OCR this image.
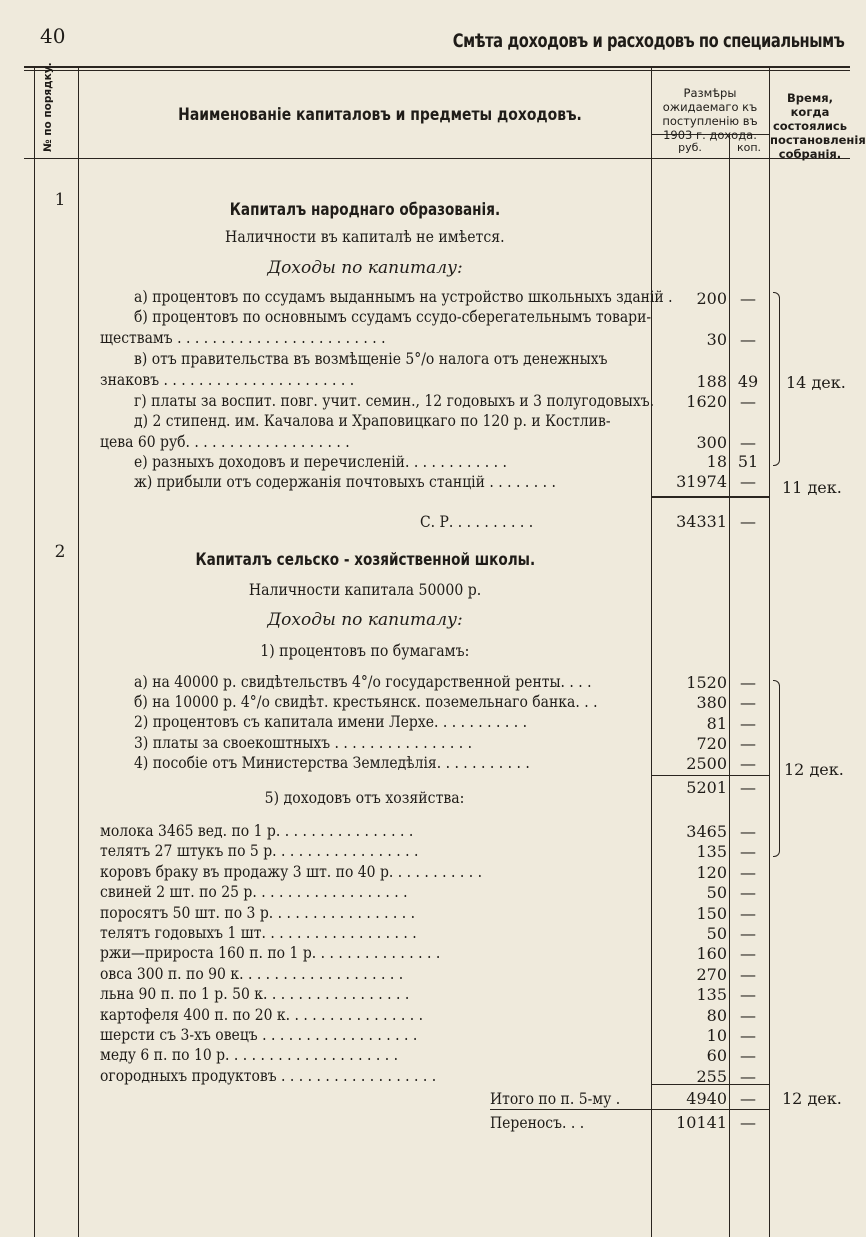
40	Смѣта доходовъ и расходовъ по специальнымъ
№ по порядку.	Наименованіе капиталовъ и предметы доходовъ.
Размѣры ожидаемаго къ поступленію въ 1903 г. дохода.
Время, когда состоялись постановленія собранія.
руб.	коп.
1	Капиталъ народнаго образованія.
Наличности въ капиталѣ не имѣется.
Доходы по капиталу:
а) процентовъ по ссудамъ выданнымъ на устройство школьныхъ зданій .	200 —
б) процентовъ по основнымъ ссудамъ ссудо-сберегательнымъ товари-
ществамъ . . . . . . . . . . . . . . . . . . . . . . . .	30 —
в) отъ правительства въ возмѣщеніе 5°/о налога отъ денежныхъ
знаковъ . . . . . . . . . . . . . . . . . . . . . .	188 49
г) платы за воспит. повг. учит. семин., 12 годовыхъ и 3 полугодовыхъ.	1620 —
д) 2 стипенд. им. Качалова и Храповицкаго по 120 р. и Костлив-
цева 60 руб. . . . . . . . . . . . . . . . . . .	300 —
е) разныхъ доходовъ и перечисленій. . . . . . . . . . . .	18 51
ж) прибыли отъ содержанія почтовыхъ станцій . . . . . . . .	31974 —
14 дек.
11 дек.
С. Р. . . . . . . . . .	34331 —
2	Капиталъ сельско - хозяйственной школы.
Наличности капитала 50000 р.
Доходы по капиталу:
1) процентовъ по бумагамъ:
а) на 40000 р. свидѣтельствъ 4°/о государственной ренты. . . .	1520 —
б) на 10000 р. 4°/о свидѣт. крестьянск. поземельнаго банка. . .	380 —
2) процентовъ съ капитала имени Лерхе. . . . . . . . . . .	81 —
3) платы за своекоштныхъ . . . . . . . . . . . . . . . .	720 —
4) пособіе отъ Министерства Земледѣлія. . . . . . . . . . .	2500 —
5201 —
12 дек.
5) доходовъ отъ хозяйства:
молока 3465 вед. по 1 р. . . . . . . . . . . . . . . .	3465 —
телятъ 27 штукъ по 5 р. . . . . . . . . . . . . . . . .	135 —
коровъ браку въ продажу 3 шт. по 40 р. . . . . . . . . . .	120 —
свиней 2 шт. по 25 р. . . . . . . . . . . . . . . . . .	50 —
поросятъ 50 шт. по 3 р. . . . . . . . . . . . . . . . .	150 —
телятъ годовыхъ 1 шт. . . . . . . . . . . . . . . . . .	50 —
ржи—прироста 160 п. по 1 р. . . . . . . . . . . . . . .	160 —
овса 300 п. по 90 к. . . . . . . . . . . . . . . . . . .	270 —
льна 90 п. по 1 р. 50 к. . . . . . . . . . . . . . . . .	135 —
картофеля 400 п. по 20 к. . . . . . . . . . . . . . . .	80 —
шерсти съ 3-хъ овецъ . . . . . . . . . . . . . . . . . .	10 —
меду 6 п. по 10 р. . . . . . . . . . . . . . . . . . . .	60 —
огородныхъ продуктовъ . . . . . . . . . . . . . . . . . .	255 —
Итого по п. 5-му .	4940 —	12 дек.
Переносъ. . .	10141 —
